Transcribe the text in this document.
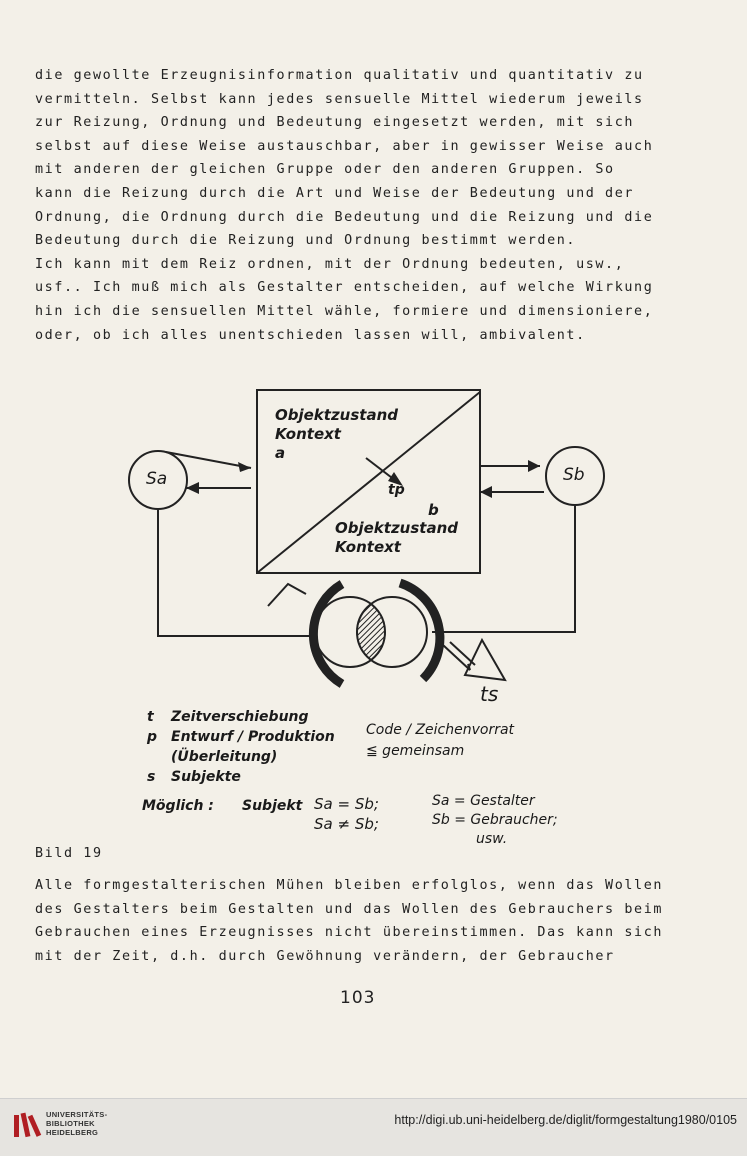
die gewollte Erzeugnisinformation qualitativ und quantitativ zu
vermitteln. Selbst kann jedes sensuelle Mittel wiederum jeweils
zur Reizung, Ordnung und Bedeutung eingesetzt werden, mit sich
selbst auf diese Weise austauschbar, aber in gewisser Weise auch
mit anderen der gleichen Gruppe oder den anderen Gruppen. So
kann die Reizung durch die Art und Weise der Bedeutung und der
Ordnung, die Ordnung durch die Bedeutung und die Reizung und die
Bedeutung durch die Reizung und Ordnung bestimmt werden.
Ich kann mit dem Reiz ordnen, mit der Ordnung bedeuten, usw.,
usf.. Ich muß mich als Gestalter entscheiden, auf welche Wirkung
hin ich die sensuellen Mittel wähle, formiere und dimensioniere,
oder, ob ich alles unentschieden lassen will, ambivalent.
Objektzustand
Kontext
a
b
Objektzustand
Kontext
tp
Sa	Sb
ts
t Zeitverschiebung
p Entwurf / Produktion
(Überleitung)
s Subjekte
Code / Zeichenvorrat
≦ gemeinsam
Möglich : Subjekt Sa = Sb;
Sa ≠ Sb;
Sa = Gestalter
Sb = Gebraucher;
usw.
Bild 19
Alle formgestalterischen Mühen bleiben erfolglos, wenn das Wollen
des Gestalters beim Gestalten und das Wollen des Gebrauchers beim
Gebrauchen eines Erzeugnisses nicht übereinstimmen. Das kann sich
mit der Zeit, d.h. durch Gewöhnung verändern, der Gebraucher
103
UNIVERSITÄTS-
BIBLIOTHEK
HEIDELBERG
http://digi.ub.uni-heidelberg.de/diglit/formgestaltung1980/0105
